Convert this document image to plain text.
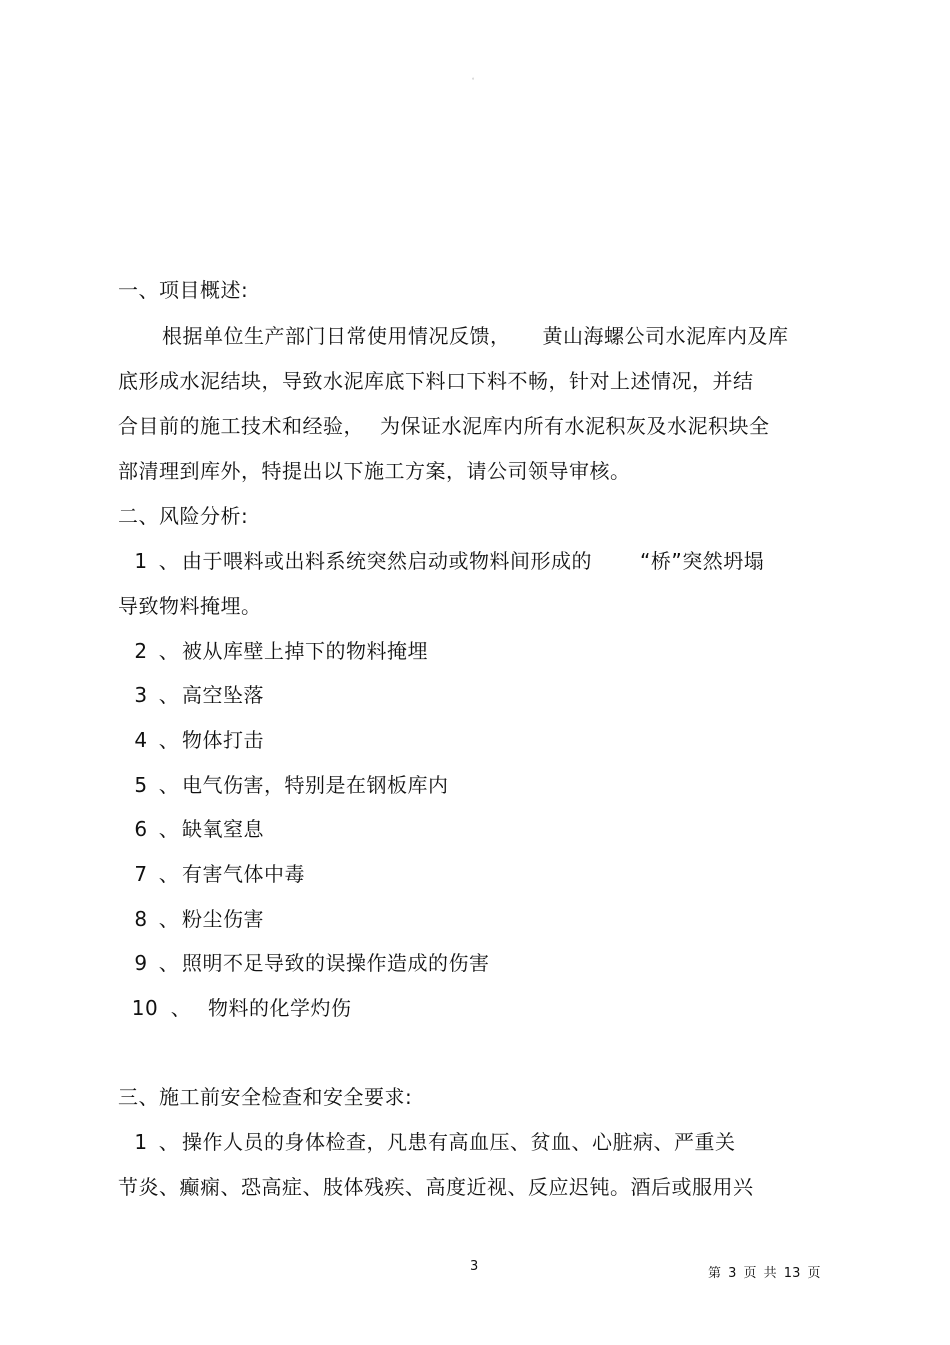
。
一、项目概述:
根据单位生产部门日常使用情况反馈， 黄山海螺公司水泥库内及库
底形成水泥结块，导致水泥库底下料口下料不畅，针对上述情况，并结
合目前的施工技术和经验， 为保证水泥库内所有水泥积灰及水泥积块全
部清理到库外，特提出以下施工方案，请公司领导审核。
二、风险分析:
1 、 由于喂料或出料系统突然启动或物料间形成的 “桥”突然坍塌
导致物料掩埋。
2 、 被从库壁上掉下的物料掩埋
3 、 高空坠落
4 、 物体打击
5 、 电气伤害，特别是在钢板库内
6 、 缺氧窒息
7 、 有害气体中毒
8 、 粉尘伤害
9 、 照明不足导致的误操作造成的伤害
10 、 物料的化学灼伤
三、施工前安全检查和安全要求:
1 、 操作人员的身体检查，凡患有高血压、贫血、心脏病、严重关
节炎、癫痫、恐高症、肢体残疾、高度近视、反应迟钝。酒后或服用兴
3	第 3 页 共 13 页
